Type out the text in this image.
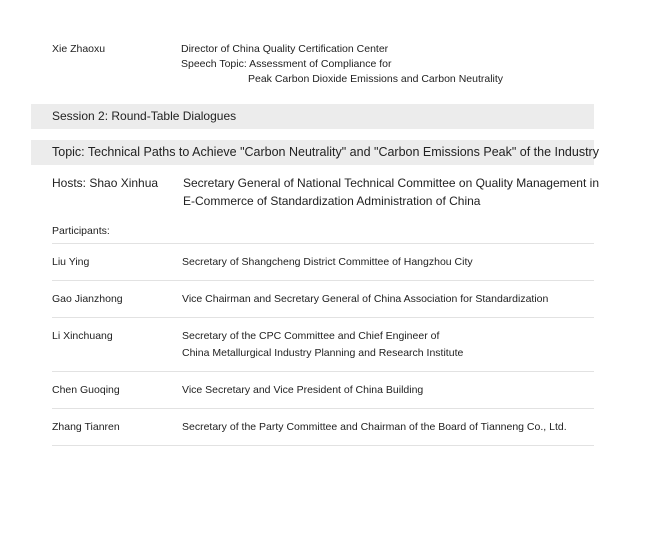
Xie Zhaoxu	Director of China Quality Certification Center
Speech Topic: Assessment of Compliance for
Peak Carbon Dioxide Emissions and Carbon Neutrality
Session 2: Round-Table Dialogues
Topic: Technical Paths to Achieve "Carbon Neutrality" and "Carbon Emissions Peak" of the Industry
Hosts: Shao Xinhua Secretary General of National Technical Committee on Quality Management in
E-Commerce of Standardization Administration of China
Participants:
Liu Ying	Secretary of Shangcheng District Committee of Hangzhou City
Gao Jianzhong	Vice Chairman and Secretary General of China Association for Standardization
Li Xinchuang	Secretary of the CPC Committee and Chief Engineer of
China Metallurgical Industry Planning and Research Institute
Chen Guoqing	Vice Secretary and Vice President of China Building
Zhang Tianren	Secretary of the Party Committee and Chairman of the Board of Tianneng Co., Ltd.
